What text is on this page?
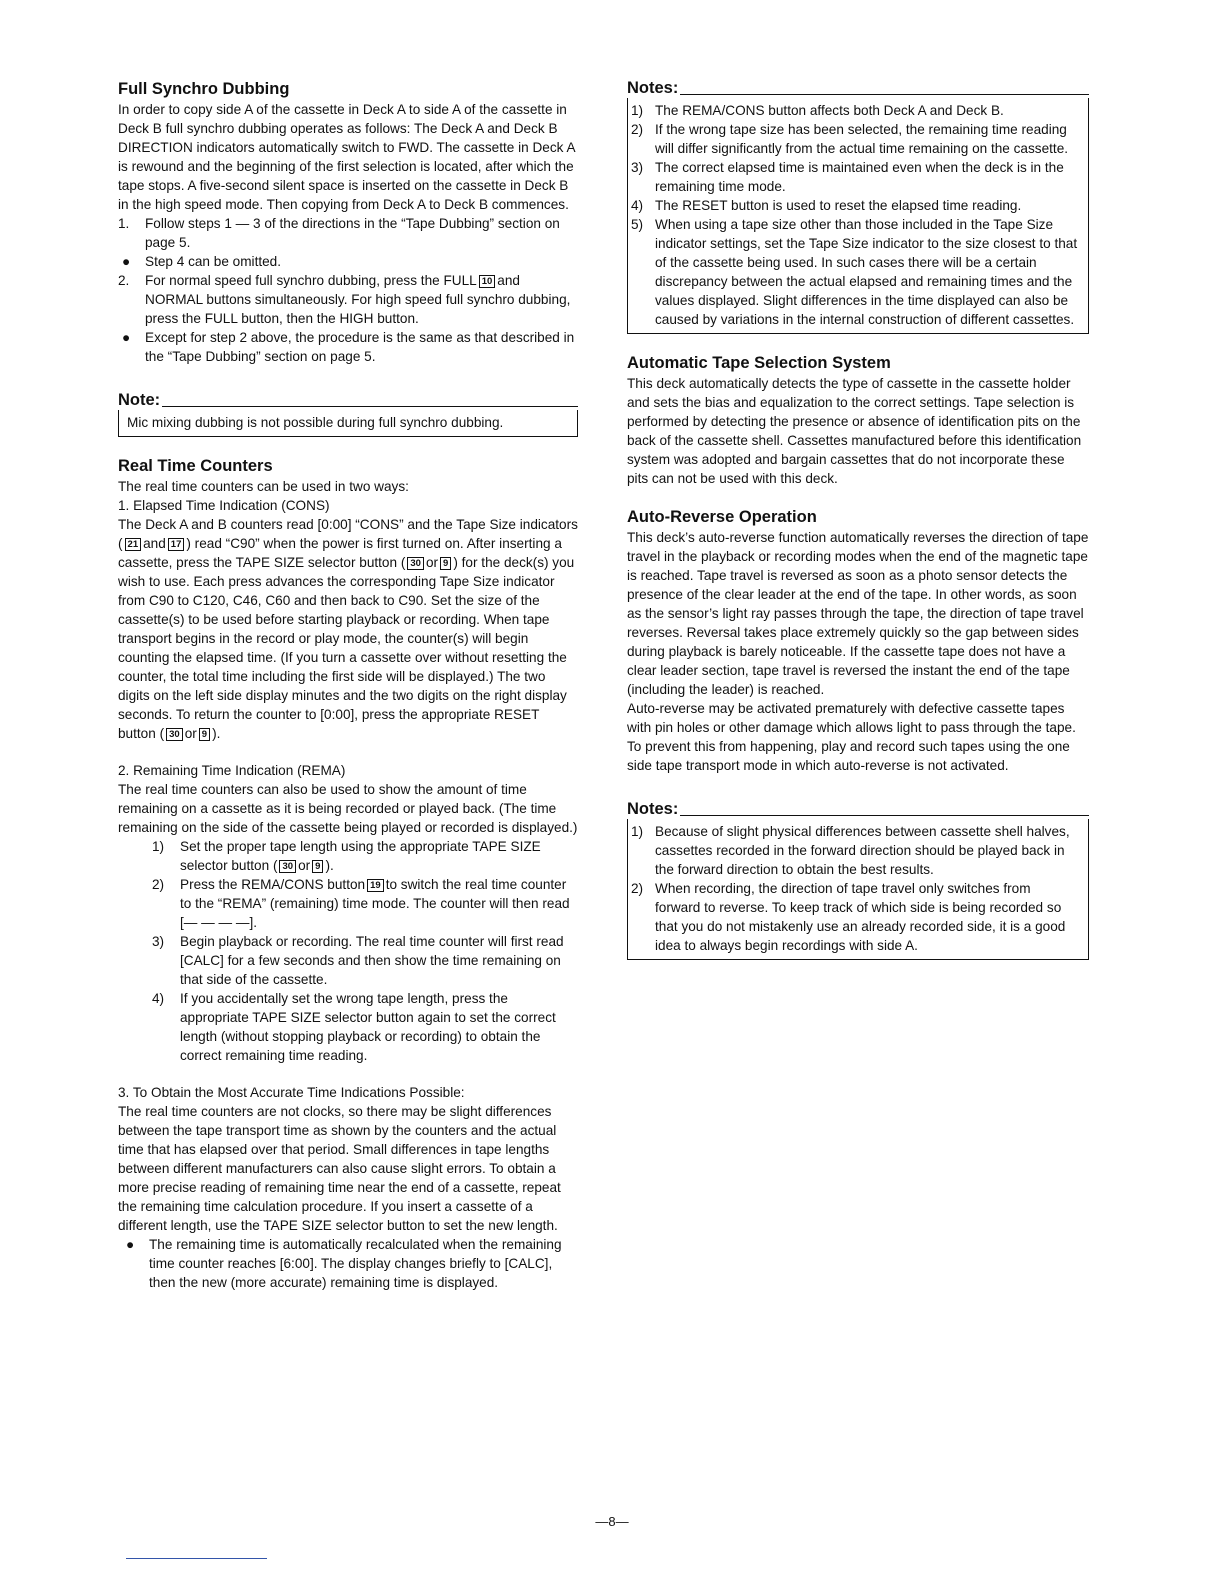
Full Synchro Dubbing

In order to copy side A of the cassette in Deck A to side A of the cassette in Deck B full synchro dubbing operates as follows: The Deck A and Deck B DIRECTION indicators automatically switch to FWD. The cassette in Deck A is rewound and the beginning of the first selection is located, after which the tape stops. A five-second silent space is inserted on the cassette in Deck B in the high speed mode. Then copying from Deck A to Deck B commences.

1.	Follow steps 1 — 3 of the directions in the “Tape Dubbing” section on page 5.
●	Step 4 can be omitted.
2.	For normal speed full synchro dubbing, press the FULL 10 and NORMAL buttons simultaneously. For high speed full synchro dubbing, press the FULL button, then the HIGH button.
●	Except for step 2 above, the procedure is the same as that described in the “Tape Dubbing” section on page 5.
Note:

Mic mixing dubbing is not possible during full synchro dubbing.

Real Time Counters

The real time counters can be used in two ways:

1. Elapsed Time Indication (CONS)

The Deck A and B counters read [0:00] “CONS” and the Tape Size indicators ( 21 and 17 ) read “C90” when the power is first turned on. After inserting a cassette, press the TAPE SIZE selector button ( 30 or 9 ) for the deck(s) you wish to use. Each press advances the corresponding Tape Size indicator from C90 to C120, C46, C60 and then back to C90. Set the size of the cassette(s) to be used before starting playback or recording. When tape transport begins in the record or play mode, the counter(s) will begin counting the elapsed time. (If you turn a cassette over without resetting the counter, the total time including the first side will be displayed.) The two digits on the left side display minutes and the two digits on the right display seconds. To return the counter to [0:00], press the appropriate RESET button ( 30 or 9 ).

2. Remaining Time Indication (REMA)

The real time counters can also be used to show the amount of time remaining on a cassette as it is being recorded or played back. (The time remaining on the side of the cassette being played or recorded is displayed.)

1)	Set the proper tape length using the appropriate TAPE SIZE selector button ( 30 or 9 ).
2)	Press the REMA/CONS button 19 to switch the real time counter to the “REMA” (remaining) time mode. The counter will then read [— — — —].
3)	Begin playback or recording. The real time counter will first read [CALC] for a few seconds and then show the time remaining on that side of the cassette.
4)	If you accidentally set the wrong tape length, press the appropriate TAPE SIZE selector button again to set the correct length (without stopping playback or recording) to obtain the correct remaining time reading.

3. To Obtain the Most Accurate Time Indications Possible:

The real time counters are not clocks, so there may be slight differences between the tape transport time as shown by the counters and the actual time that has elapsed over that period. Small differences in tape lengths between different manufacturers can also cause slight errors. To obtain a more precise reading of remaining time near the end of a cassette, repeat the remaining time calculation procedure. If you insert a cassette of a different length, use the TAPE SIZE selector button to set the new length.

●	The remaining time is automatically recalculated when the remaining time counter reaches [6:00]. The display changes briefly to [CALC], then the new (more accurate) remaining time is displayed.
Notes:
1) The REMA/CONS button affects both Deck A and Deck B.
2) If the wrong tape size has been selected, the remaining time reading will differ significantly from the actual time remaining on the cassette.
3) The correct elapsed time is maintained even when the deck is in the remaining time mode.
4) The RESET button is used to reset the elapsed time reading.
5) When using a tape size other than those included in the Tape Size indicator settings, set the Tape Size indicator to the size closest to that of the cassette being used. In such cases there will be a certain discrepancy between the actual elapsed and remaining times and the values displayed. Slight differences in the time displayed can also be caused by variations in the internal construction of different cassettes.
Automatic Tape Selection System

This deck automatically detects the type of cassette in the cassette holder and sets the bias and equalization to the correct settings. Tape selection is performed by detecting the presence or absence of identification pits on the back of the cassette shell. Cassettes manufactured before this identification system was adopted and bargain cassettes that do not incorporate these pits can not be used with this deck.

Auto-Reverse Operation

This deck’s auto-reverse function automatically reverses the direction of tape travel in the playback or recording modes when the end of the magnetic tape is reached. Tape travel is reversed as soon as a photo sensor detects the presence of the clear leader at the end of the tape. In other words, as soon as the sensor’s light ray passes through the tape, the direction of tape travel reverses. Reversal takes place extremely quickly so the gap between sides during playback is barely noticeable. If the cassette tape does not have a clear leader section, tape travel is reversed the instant the end of the tape (including the leader) is reached.

Auto-reverse may be activated prematurely with defective cassette tapes with pin holes or other damage which allows light to pass through the tape. To prevent this from happening, play and record such tapes using the one side tape transport mode in which auto-reverse is not activated.

Notes:
1) Because of slight physical differences between cassette shell halves, cassettes recorded in the forward direction should be played back in the forward direction to obtain the best results.
2) When recording, the direction of tape travel only switches from forward to reverse. To keep track of which side is being recorded so that you do not mistakenly use an already recorded side, it is a good idea to always begin recordings with side A.
—8—
